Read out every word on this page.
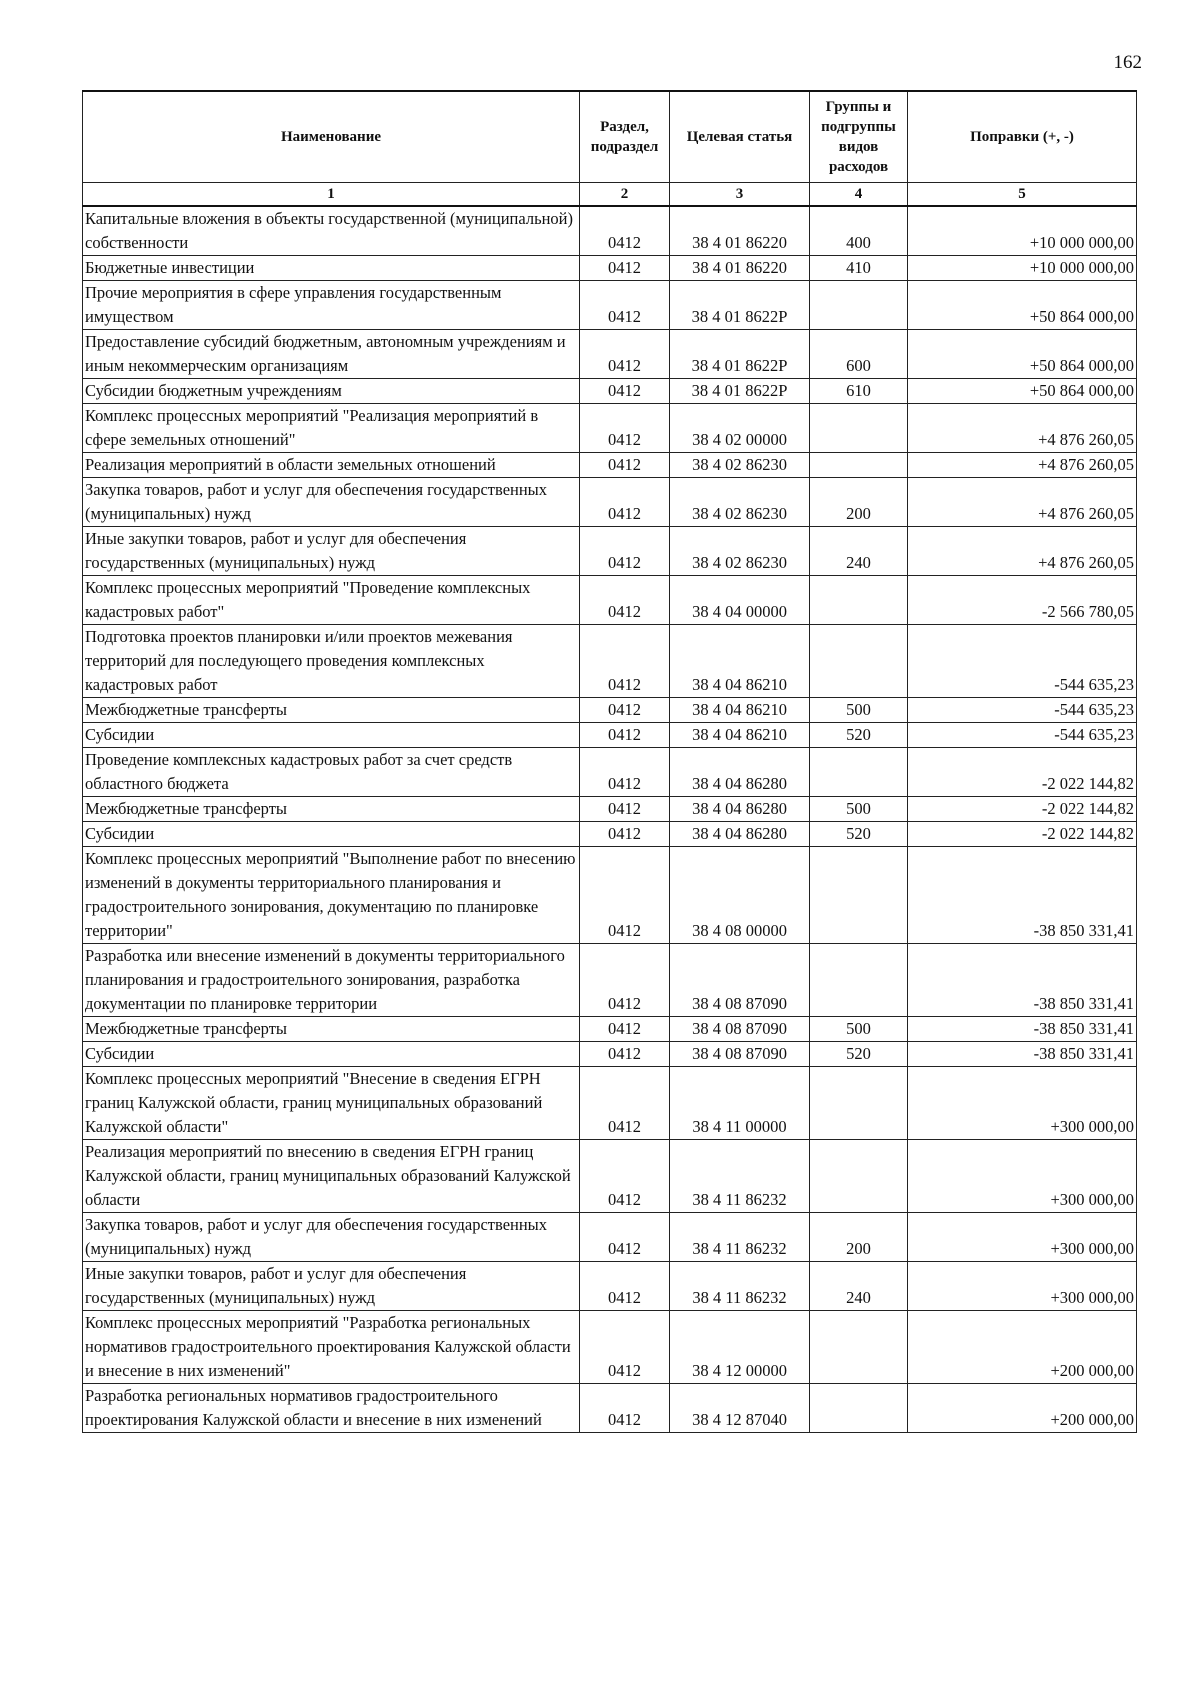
162
Наименование	Раздел, подраздел	Целевая статья	Группы и подгруппы видов расходов	Поправки (+, -)
1	2	3	4	5
Капитальные вложения в объекты государственной (муниципальной) собственности	0412	38 4 01 86220	400	+10 000 000,00
Бюджетные инвестиции	0412	38 4 01 86220	410	+10 000 000,00
Прочие мероприятия в сфере управления государственным имуществом	0412	38 4 01 8622Р		+50 864 000,00
Предоставление субсидий бюджетным, автономным учреждениям и иным некоммерческим организациям	0412	38 4 01 8622Р	600	+50 864 000,00
Субсидии бюджетным учреждениям	0412	38 4 01 8622Р	610	+50 864 000,00
Комплекс процессных мероприятий "Реализация мероприятий в сфере земельных отношений"	0412	38 4 02 00000		+4 876 260,05
Реализация мероприятий в области земельных отношений	0412	38 4 02 86230		+4 876 260,05
Закупка товаров, работ и услуг для обеспечения государственных (муниципальных) нужд	0412	38 4 02 86230	200	+4 876 260,05
Иные закупки товаров, работ и услуг для обеспечения государственных (муниципальных) нужд	0412	38 4 02 86230	240	+4 876 260,05
Комплекс процессных мероприятий "Проведение комплексных кадастровых работ"	0412	38 4 04 00000		-2 566 780,05
Подготовка проектов планировки и/или проектов межевания территорий для последующего проведения комплексных кадастровых работ	0412	38 4 04 86210		-544 635,23
Межбюджетные трансферты	0412	38 4 04 86210	500	-544 635,23
Субсидии	0412	38 4 04 86210	520	-544 635,23
Проведение комплексных кадастровых работ за счет средств областного бюджета	0412	38 4 04 86280		-2 022 144,82
Межбюджетные трансферты	0412	38 4 04 86280	500	-2 022 144,82
Субсидии	0412	38 4 04 86280	520	-2 022 144,82
Комплекс процессных мероприятий "Выполнение работ по внесению изменений в документы территориального планирования и градостроительного зонирования, документацию по планировке территории"	0412	38 4 08 00000		-38 850 331,41
Разработка или внесение изменений в документы территориального планирования и градостроительного зонирования, разработка документации по планировке территории	0412	38 4 08 87090		-38 850 331,41
Межбюджетные трансферты	0412	38 4 08 87090	500	-38 850 331,41
Субсидии	0412	38 4 08 87090	520	-38 850 331,41
Комплекс процессных мероприятий "Внесение в сведения ЕГРН границ Калужской области, границ муниципальных образований Калужской области"	0412	38 4 11 00000		+300 000,00
Реализация мероприятий по внесению в сведения ЕГРН границ Калужской области, границ муниципальных образований Калужской области	0412	38 4 11 86232		+300 000,00
Закупка товаров, работ и услуг для обеспечения государственных (муниципальных) нужд	0412	38 4 11 86232	200	+300 000,00
Иные закупки товаров, работ и услуг для обеспечения государственных (муниципальных) нужд	0412	38 4 11 86232	240	+300 000,00
Комплекс процессных мероприятий "Разработка региональных нормативов градостроительного проектирования Калужской области и внесение в них изменений"	0412	38 4 12 00000		+200 000,00
Разработка региональных нормативов градостроительного проектирования Калужской области и внесение в них изменений	0412	38 4 12 87040		+200 000,00
